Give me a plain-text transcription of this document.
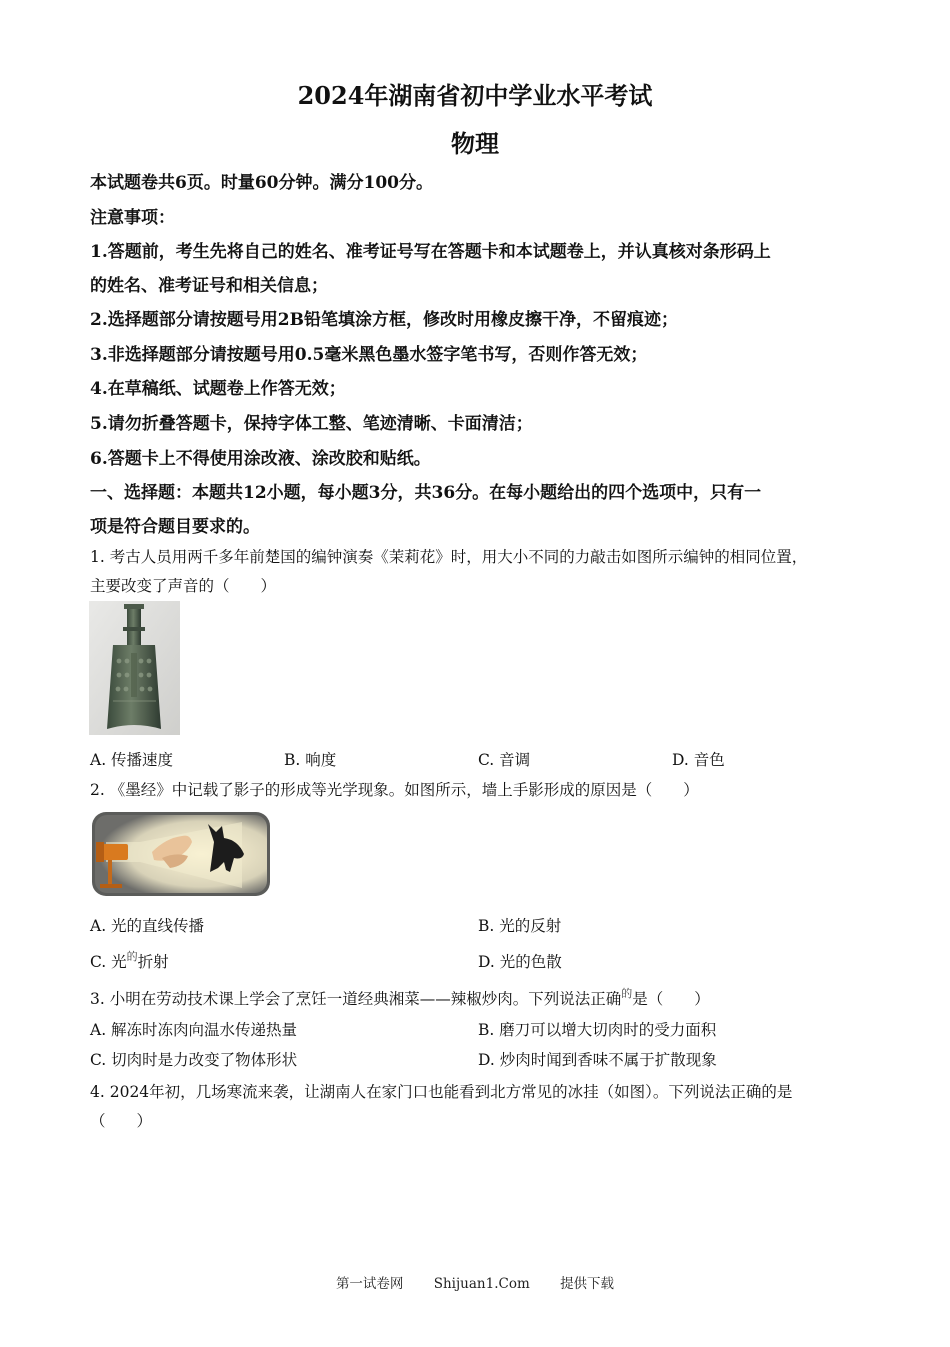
2024年湖南省初中学业水平考试
物理
本试题卷共6页。时量60分钟。满分100分。
注意事项：
1.答题前，考生先将自己的姓名、准考证号写在答题卡和本试题卷上，并认真核对条形码上
的姓名、准考证号和相关信息；
2.选择题部分请按题号用2B铅笔填涂方框，修改时用橡皮擦干净，不留痕迹；
3.非选择题部分请按题号用0.5毫米黑色墨水签字笔书写，否则作答无效；
4.在草稿纸、试题卷上作答无效；
5.请勿折叠答题卡，保持字体工整、笔迹清晰、卡面清洁；
6.答题卡上不得使用涂改液、涂改胶和贴纸。
一、选择题：本题共12小题，每小题3分，共36分。在每小题给出的四个选项中，只有一
项是符合题目要求的。
1. 考古人员用两千多年前楚国的编钟演奏《茉莉花》时，用大小不同的力敲击如图所示编钟的相同位置，
主要改变了声音的（　　）
A. 传播速度	B. 响度	C. 音调	D. 音色
2. 《墨经》中记载了影子的形成等光学现象。如图所示，墙上手影形成的原因是（　　）
A. 光的直线传播	B. 光的反射
C. 光$^的$折射	D. 光的色散
3. 小明在劳动技术课上学会了烹饪一道经典湘菜——辣椒炒肉。下列说法正确$^的$是（　　）
A. 解冻时冻肉向温水传递热量	B. 磨刀可以增大切肉时的受力面积
C. 切肉时是力改变了物体形状	D. 炒肉时闻到香味不属于扩散现象
4. 2024年初，几场寒流来袭，让湖南人在家门口也能看到北方常见的冰挂（如图）。下列说法正确的是
（　　）
第一试卷网 Shijuan1.Com 提供下载
